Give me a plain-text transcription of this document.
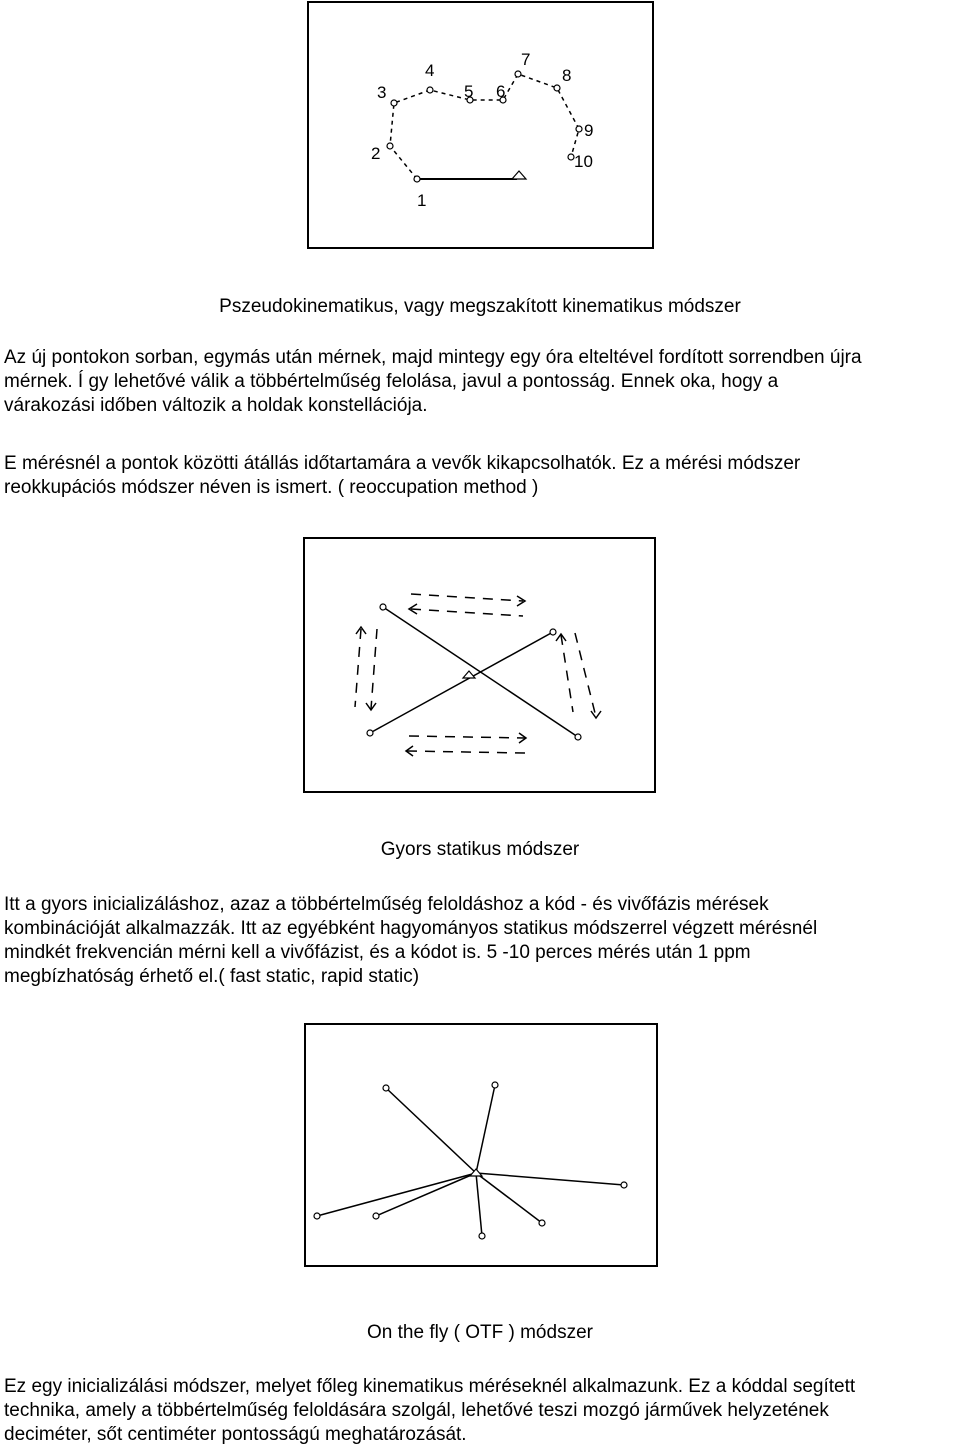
1
2
3
4
5 6
7
8
9
10
Pszeudokinematikus, vagy megszakított kinematikus módszer
Az új pontokon sorban, egymás után mérnek, majd mintegy egy óra elteltével fordított sorrendben újra
mérnek. Í gy lehetővé válik a többértelműség felolása, javul a pontosság. Ennek oka, hogy a
várakozási időben változik a holdak konstellációja.
E mérésnél a pontok közötti átállás időtartamára a vevők kikapcsolhatók. Ez a mérési módszer
reokkupációs módszer néven is ismert. ( reoccupation method )
Gyors statikus módszer
Itt a gyors inicializáláshoz, azaz a többértelműség feloldáshoz a kód - és vivőfázis mérések
kombinációját alkalmazzák. Itt az egyébként hagyományos statikus módszerrel végzett mérésnél
mindkét frekvencián mérni kell a vivőfázist, és a kódot is. 5 -10 perces mérés után 1 ppm
megbízhatóság érhető el.( fast static, rapid static)
On the fly ( OTF ) módszer
Ez egy inicializálási módszer, melyet főleg kinematikus méréseknél alkalmazunk. Ez a kóddal segített
technika, amely a többértelműség feloldására szolgál, lehetővé teszi mozgó járművek helyzetének
deciméter, sőt centiméter pontosságú meghatározását.
